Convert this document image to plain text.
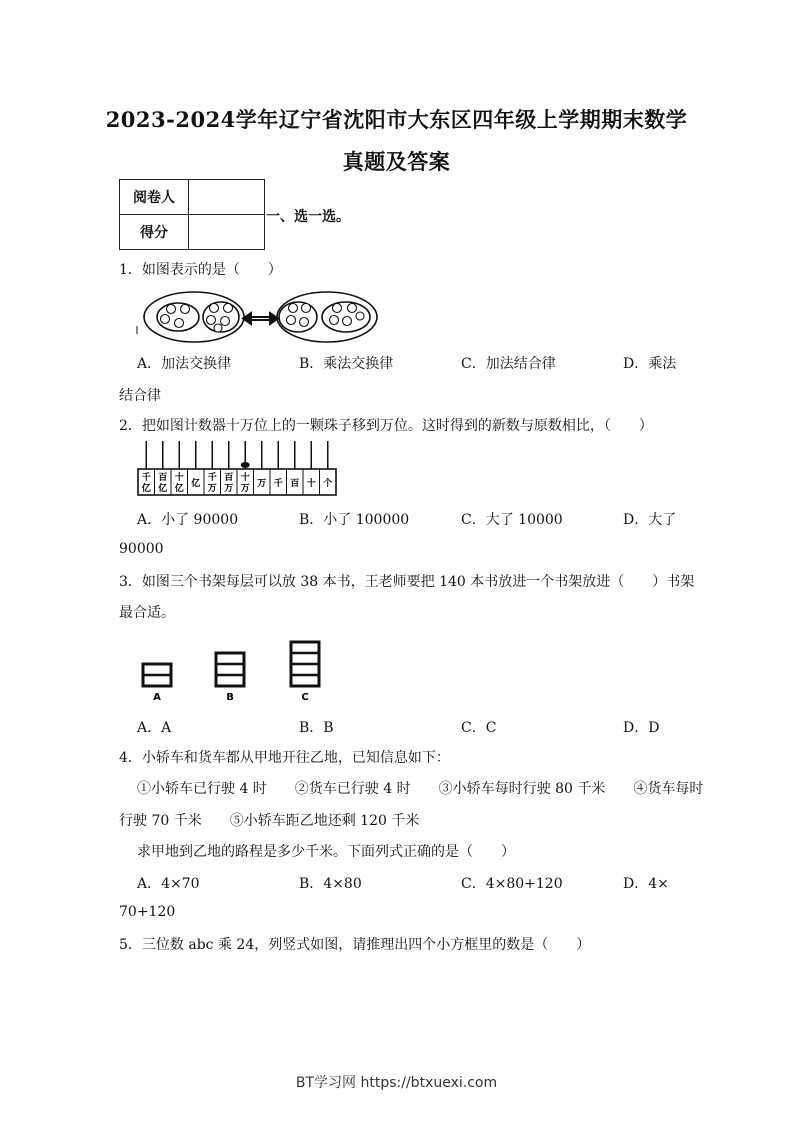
2023-2024学年辽宁省沈阳市大东区四年级上学期期末数学
真题及答案
阅卷人	
得分	
一、选一选。
1．如图表示的是（　　）
A．加法交换律	B．乘法交换律	C．加法结合律	D．乘法
结合律
2．把如图计数器十万位上的一颗珠子移到万位。这时得到的新数与原数相比，（　　）
千
亿
百
亿
十
亿 亿
千
万
百
万
十
万 万 千 百 十 个
A．小了 90000	B．小了 100000	C．大了 10000	D．大了
90000
3．如图三个书架每层可以放 38 本书，王老师要把 140 本书放进一个书架放进（　　）书架
最合适。
A	B	C
A．A	B．B	C．C	D．D
4．小轿车和货车都从甲地开往乙地，已知信息如下：
①小轿车已行驶 4 时　　②货车已行驶 4 时　　③小轿车每时行驶 80 千米　　④货车每时
行驶 70 千米　　⑤小轿车距乙地还剩 120 千米
求甲地到乙地的路程是多少千米。下面列式正确的是（　　）
A．4×70	B．4×80	C．4×80+120	D．4×
70+120
5．三位数 abc 乘 24，列竖式如图，请推理出四个小方框里的数是（　　）
BT学习网 https://btxuexi.com
